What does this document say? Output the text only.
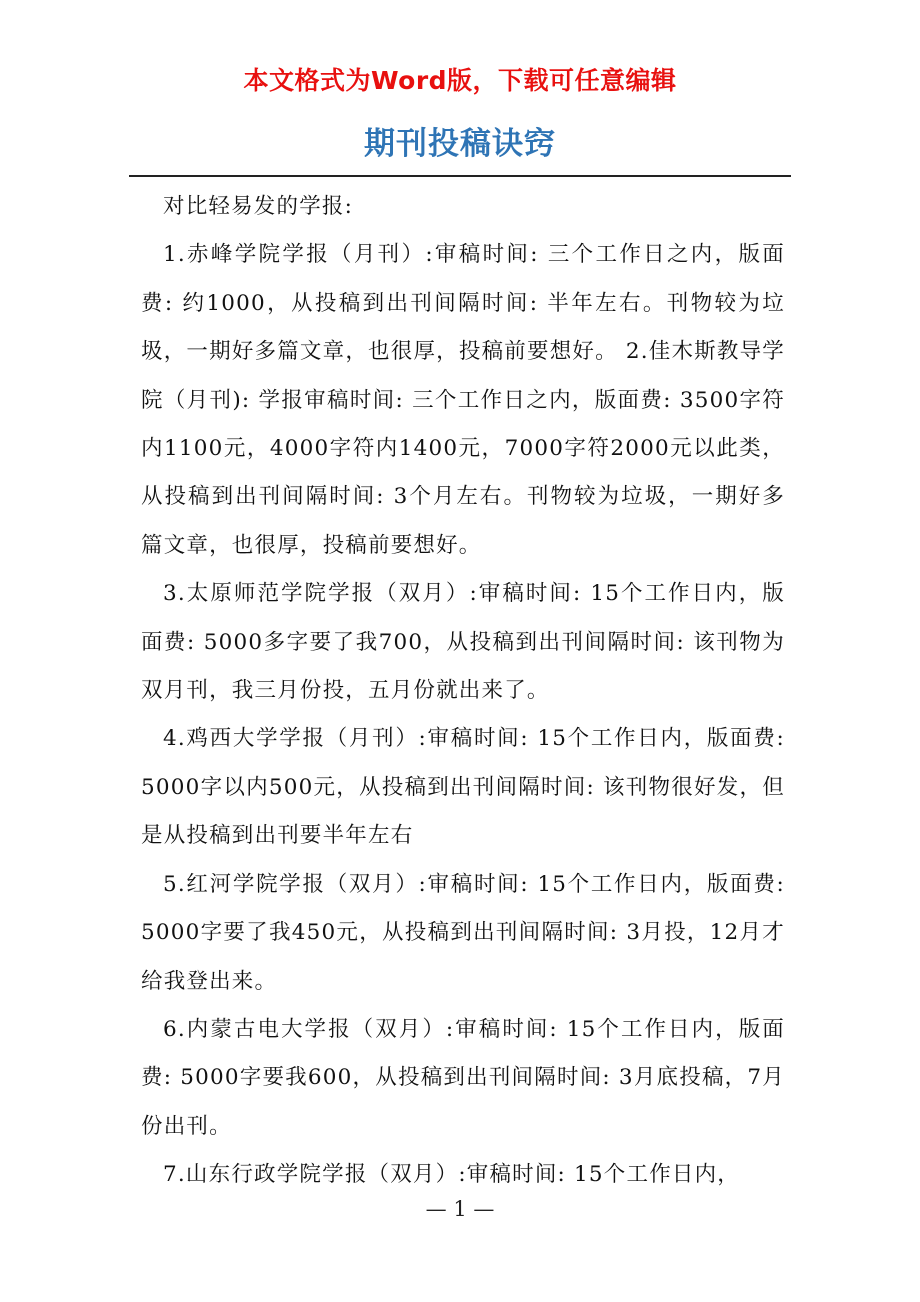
本文格式为Word版，下载可任意编辑
期刊投稿诀窍

对比轻易发的学报:

1.赤峰学院学报（月刊）:审稿时间: 三个工作日之内，版面费: 约1000，从投稿到出刊间隔时间: 半年左右。刊物较为垃圾，一期好多篇文章，也很厚，投稿前要想好。 2.佳木斯教导学院（月刊): 学报审稿时间: 三个工作日之内，版面费: 3500字符内1100元，4000字符内1400元，7000字符2000元以此类，从投稿到出刊间隔时间: 3个月左右。刊物较为垃圾，一期好多篇文章，也很厚，投稿前要想好。

3.太原师范学院学报（双月）:审稿时间: 15个工作日内，版面费: 5000多字要了我700，从投稿到出刊间隔时间: 该刊物为双月刊，我三月份投，五月份就出来了。

4.鸡西大学学报（月刊）:审稿时间: 15个工作日内，版面费: 5000字以内500元，从投稿到出刊间隔时间: 该刊物很好发，但是从投稿到出刊要半年左右

5.红河学院学报（双月）:审稿时间: 15个工作日内，版面费: 5000字要了我450元，从投稿到出刊间隔时间: 3月投，12月才给我登出来。

6.内蒙古电大学报（双月）:审稿时间: 15个工作日内，版面费: 5000字要我600，从投稿到出刊间隔时间: 3月底投稿，7月份出刊。

7.山东行政学院学报（双月）:审稿时间: 15个工作日内，

— 1 —
